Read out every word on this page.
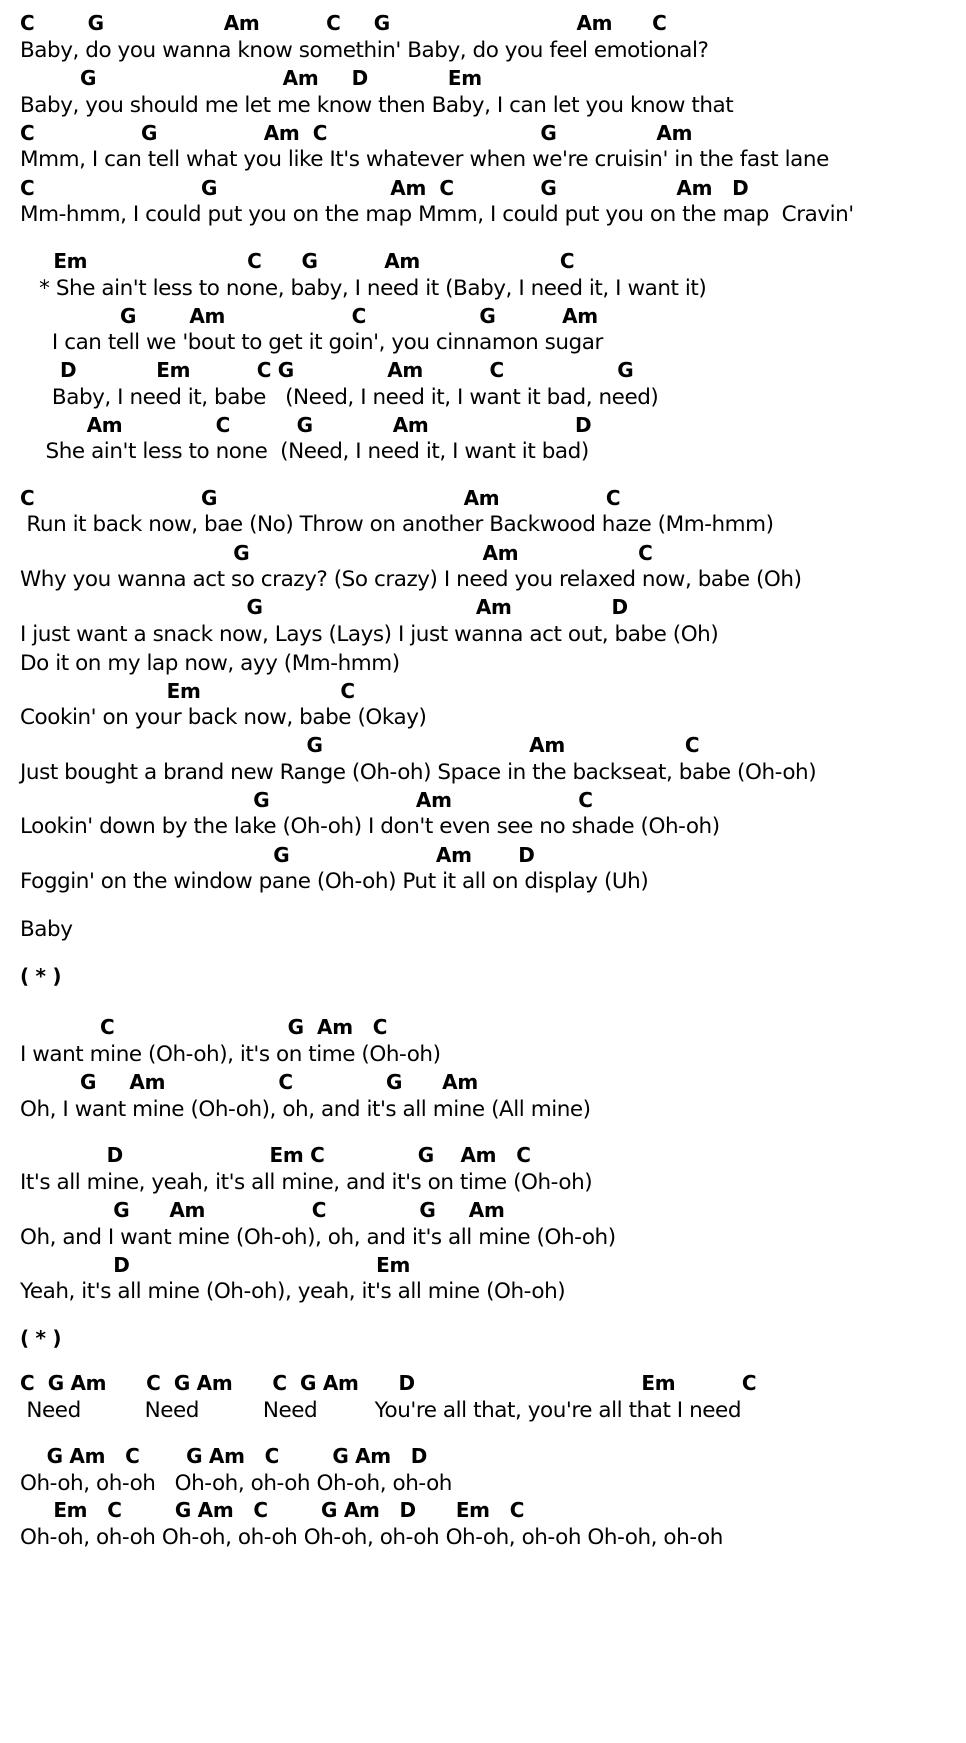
C        G                  Am          C     G                            Am      C
Baby, do you wanna know somethin' Baby, do you feel emotional?
G                            Am     D            Em
Baby, you should me let me know then Baby, I can let you know that
C                G                Am  C                                G               Am
Mmm, I can tell what you like It's whatever when we're cruisin' in the fast lane
C                         G                          Am  C             G                  Am   D
Mm-hmm, I could put you on the map Mmm, I could put you on the map  Cravin'
Em                        C      G          Am                     C
* She ain't less to none, baby, I need it (Baby, I need it, I want it)
G        Am                   C                 G          Am
I can tell we 'bout to get it goin', you cinnamon sugar
D            Em          C G              Am          C                 G
Baby, I need it, babe   (Need, I need it, I want it bad, need)
Am              C          G            Am                      D
She ain't less to none  (Need, I need it, I want it bad)
C                         G                                     Am                C
Run it back now, bae (No) Throw on another Backwood haze (Mm-hmm)
G                                   Am                  C
Why you wanna act so crazy? (So crazy) I need you relaxed now, babe (Oh)
G                                Am               D
I just want a snack now, Lays (Lays) I just wanna act out, babe (Oh)
Do it on my lap now, ayy (Mm-hmm)
Em                     C
Cookin' on your back now, babe (Okay)
G                               Am                  C
Just bought a brand new Range (Oh-oh) Space in the backseat, babe (Oh-oh)
G                      Am                   C
Lookin' down by the lake (Oh-oh) I don't even see no shade (Oh-oh)
G                      Am       D
Foggin' on the window pane (Oh-oh) Put it all on display (Uh)
Baby
( * )
C                          G  Am   C
I want mine (Oh-oh), it's on time (Oh-oh)
G     Am                 C              G      Am
Oh, I want mine (Oh-oh), oh, and it's all mine (All mine)
D                      Em C              G    Am   C
It's all mine, yeah, it's all mine, and it's on time (Oh-oh)
G      Am                C              G     Am
Oh, and I want mine (Oh-oh), oh, and it's all mine (Oh-oh)
D                                     Em
Yeah, it's all mine (Oh-oh), yeah, it's all mine (Oh-oh)
( * )
C  G Am      C  G Am      C  G Am      D                                  Em          C
Need          Need          Need         You're all that, you're all that I need
G Am   C       G Am   C        G Am   D
Oh-oh, oh-oh   Oh-oh, oh-oh Oh-oh, oh-oh
Em   C        G Am   C        G Am   D      Em   C
Oh-oh, oh-oh Oh-oh, oh-oh Oh-oh, oh-oh Oh-oh, oh-oh Oh-oh, oh-oh
